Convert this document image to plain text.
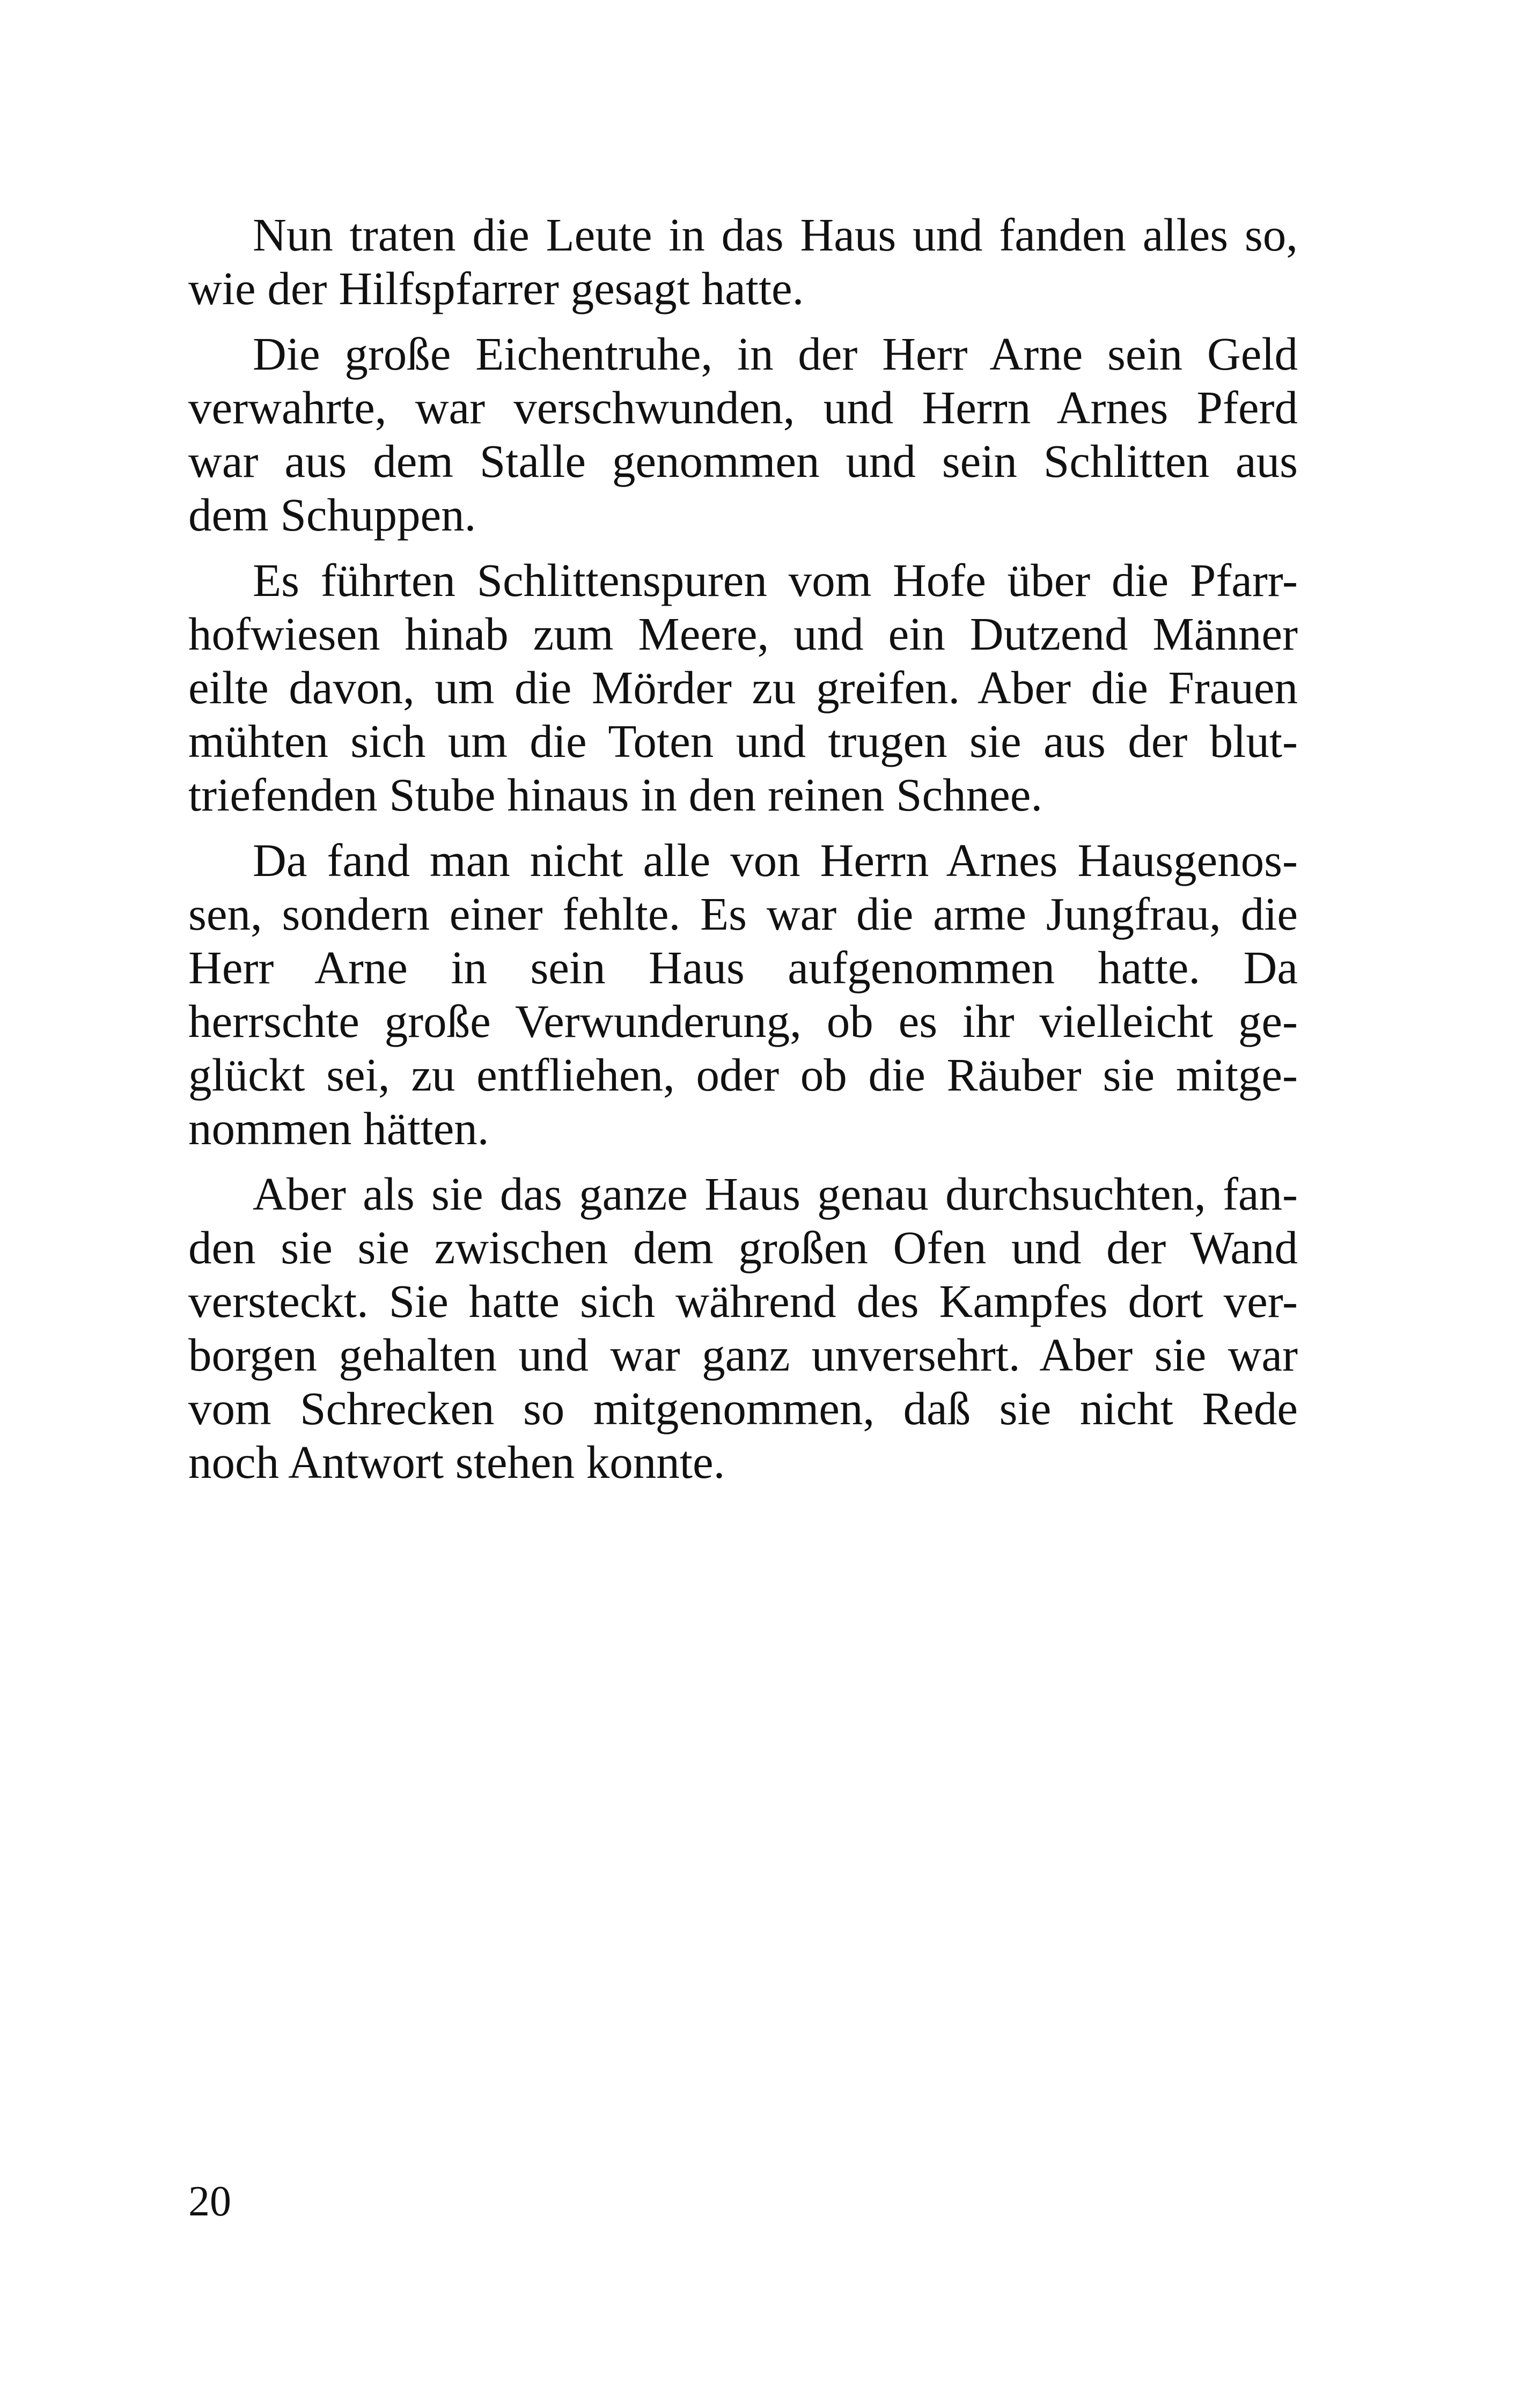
Nun traten die Leute in das Haus und fanden alles so,
wie der Hilfspfarrer gesagt hatte.
Die große Eichentruhe, in der Herr Arne sein Geld
verwahrte, war verschwunden, und Herrn Arnes Pferd
war aus dem Stalle genommen und sein Schlitten aus
dem Schuppen.
Es führten Schlittenspuren vom Hofe über die Pfarr-
hofwiesen hinab zum Meere, und ein Dutzend Männer
eilte davon, um die Mörder zu greifen. Aber die Frauen
mühten sich um die Toten und trugen sie aus der blut-
triefenden Stube hinaus in den reinen Schnee.
Da fand man nicht alle von Herrn Arnes Hausgenos-
sen, sondern einer fehlte. Es war die arme Jungfrau, die
Herr Arne in sein Haus aufgenommen hatte. Da
herrschte große Verwunderung, ob es ihr vielleicht ge-
glückt sei, zu entfliehen, oder ob die Räuber sie mitge-
nommen hätten.
Aber als sie das ganze Haus genau durchsuchten, fan-
den sie sie zwischen dem großen Ofen und der Wand
versteckt. Sie hatte sich während des Kampfes dort ver-
borgen gehalten und war ganz unversehrt. Aber sie war
vom Schrecken so mitgenommen, daß sie nicht Rede
noch Antwort stehen konnte.
20
